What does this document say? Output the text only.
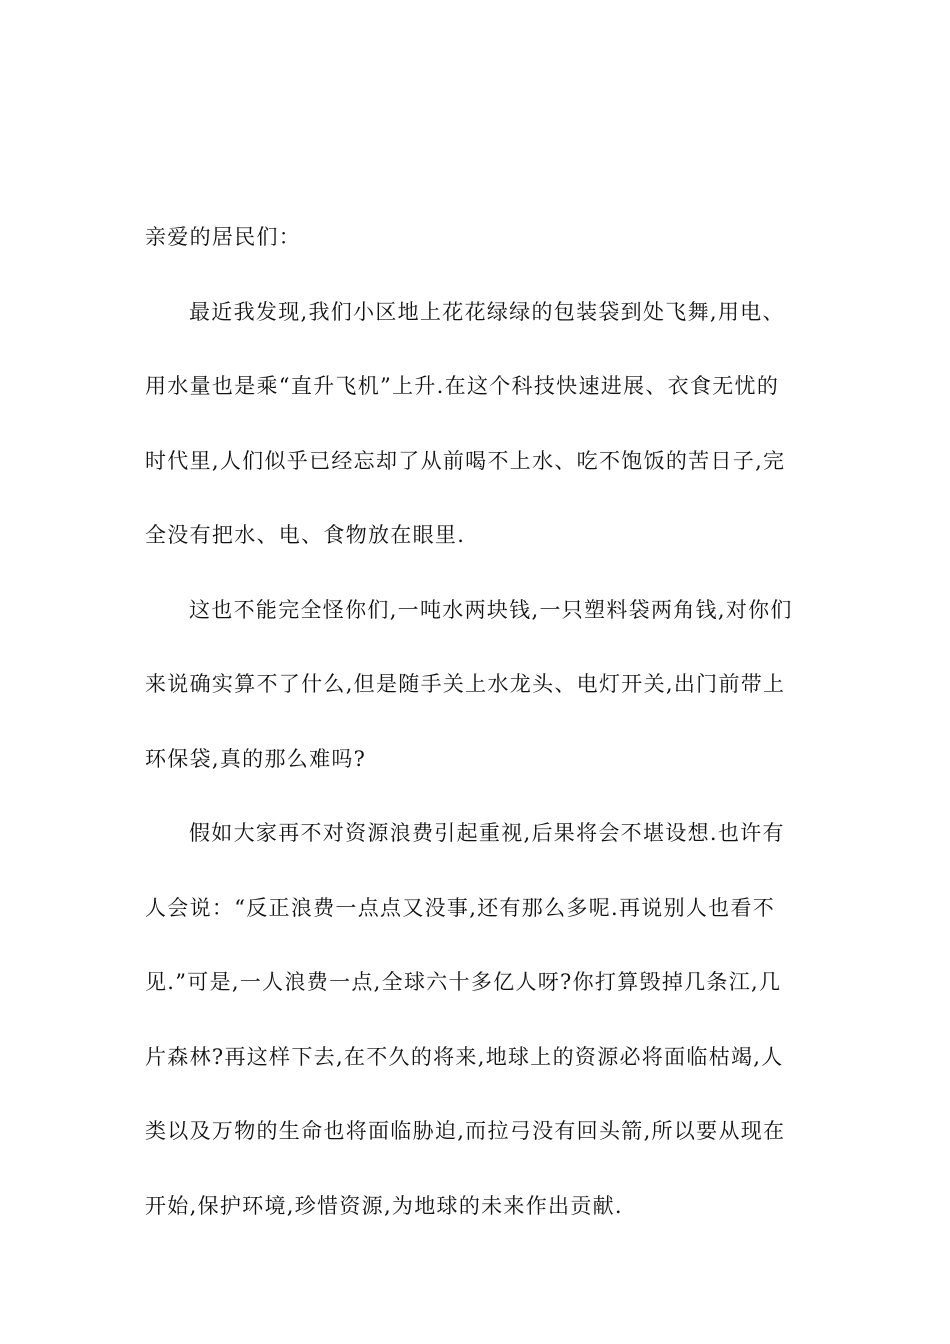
亲爱的居民们：
最近我发现,我们小区地上花花绿绿的包装袋到处飞舞,用电、
用水量也是乘“直升飞机”上升.在这个科技快速进展、衣食无忧的
时代里,人们似乎已经忘却了从前喝不上水、吃不饱饭的苦日子,完
全没有把水、电、食物放在眼里.
这也不能完全怪你们,一吨水两块钱,一只塑料袋两角钱,对你们
来说确实算不了什么,但是随手关上水龙头、电灯开关,出门前带上
环保袋,真的那么难吗?
假如大家再不对资源浪费引起重视,后果将会不堪设想.也许有
人会说：“反正浪费一点点又没事,还有那么多呢.再说别人也看不
见.”可是,一人浪费一点,全球六十多亿人呀?你打算毁掉几条江,几
片森林?再这样下去,在不久的将来,地球上的资源必将面临枯竭,人
类以及万物的生命也将面临胁迫,而拉弓没有回头箭,所以要从现在
开始,保护环境,珍惜资源,为地球的未来作出贡献.
